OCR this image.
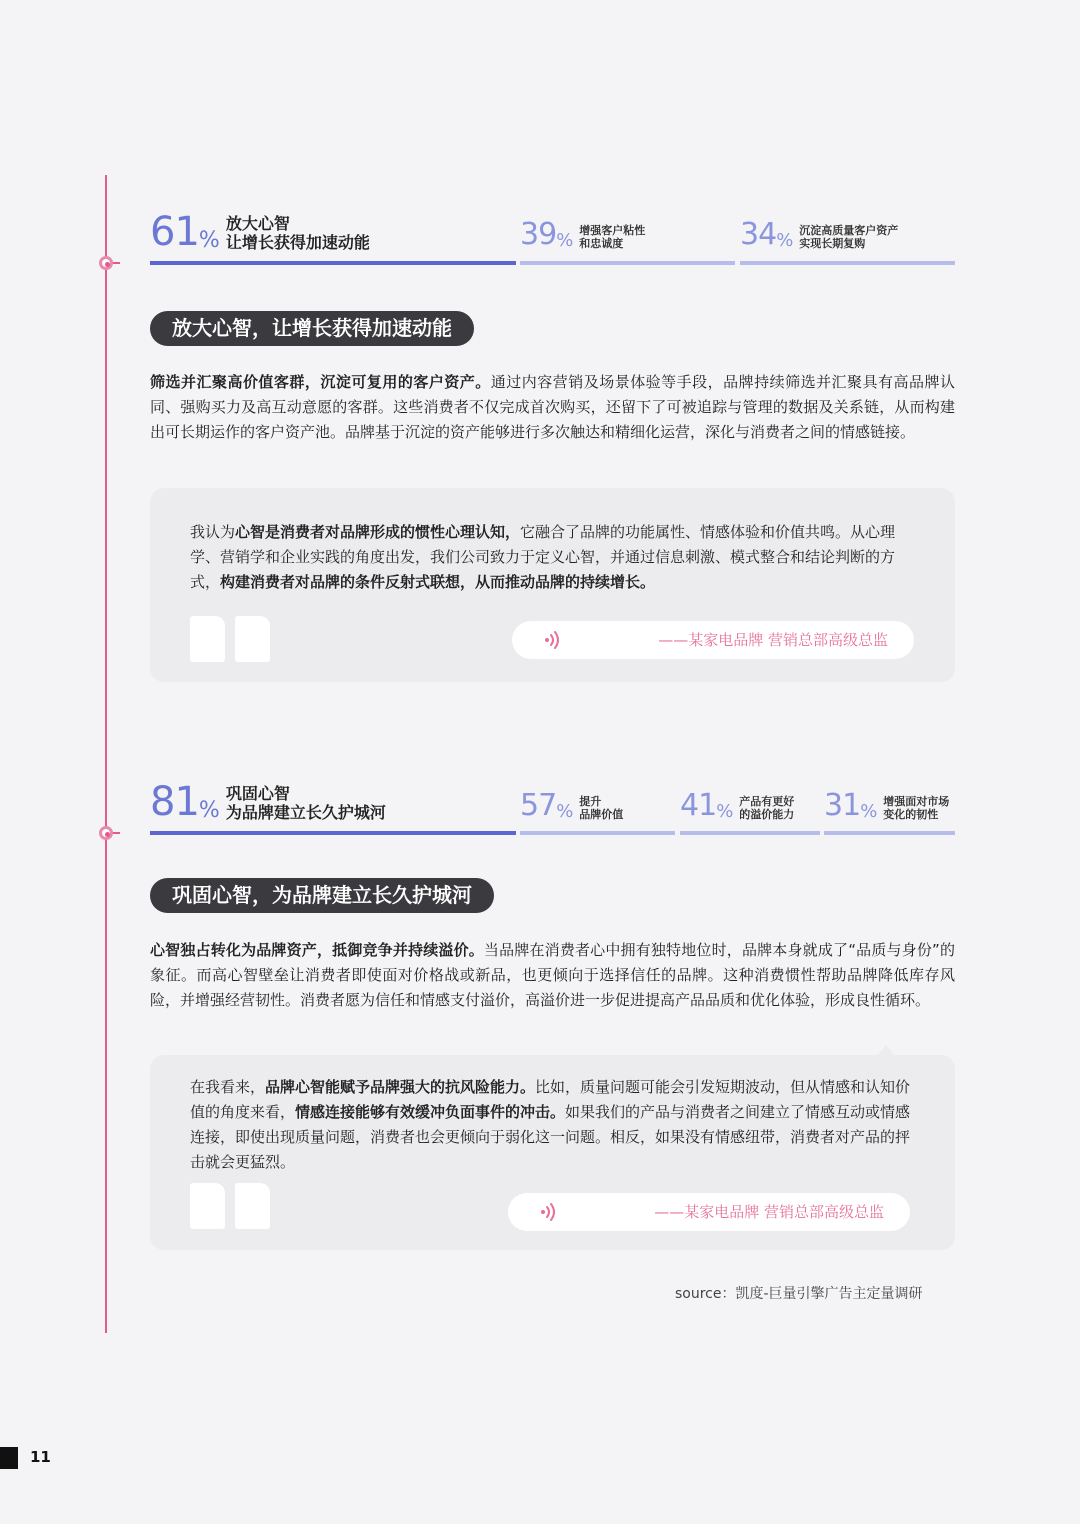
61 %
放大心智
让增长获得加速动能	39 % 增强客户粘性
和忠诚度	34 % 沉淀高质量客户资产
实现长期复购
放大心智，让增长获得加速动能
筛选并汇聚高价值客群，沉淀可复用的客户资产。通过内容营销及场景体验等手段，品牌持续筛选并汇聚具有高品牌认同、强购买力及高互动意愿的客群。这些消费者不仅完成首次购买，还留下了可被追踪与管理的数据及关系链，从而构建出可长期运作的客户资产池。品牌基于沉淀的资产能够进行多次触达和精细化运营，深化与消费者之间的情感链接。
我认为心智是消费者对品牌形成的惯性心理认知，它融合了品牌的功能属性、情感体验和价值共鸣。从心理学、营销学和企业实践的角度出发，我们公司致力于定义心智，并通过信息刺激、模式整合和结论判断的方式，构建消费者对品牌的条件反射式联想，从而推动品牌的持续增长。
——某家电品牌 营销总部高级总监
81 %
巩固心智
为品牌建立长久护城河	57 % 提升
品牌价值 41 % 产品有更好
的溢价能力 31 % 增强面对市场
变化的韧性
巩固心智，为品牌建立长久护城河
心智独占转化为品牌资产，抵御竞争并持续溢价。当品牌在消费者心中拥有独特地位时，品牌本身就成了“品质与身份”的象征。而高心智壁垒让消费者即使面对价格战或新品，也更倾向于选择信任的品牌。这种消费惯性帮助品牌降低库存风险，并增强经营韧性。消费者愿为信任和情感支付溢价，高溢价进一步促进提高产品品质和优化体验，形成良性循环。
在我看来，品牌心智能赋予品牌强大的抗风险能力。比如，质量问题可能会引发短期波动，但从情感和认知价值的角度来看，情感连接能够有效缓冲负面事件的冲击。如果我们的产品与消费者之间建立了情感互动或情感连接，即使出现质量问题，消费者也会更倾向于弱化这一问题。相反，如果没有情感纽带，消费者对产品的抨击就会更猛烈。
——某家电品牌 营销总部高级总监
source：凯度-巨量引擎广告主定量调研
11
